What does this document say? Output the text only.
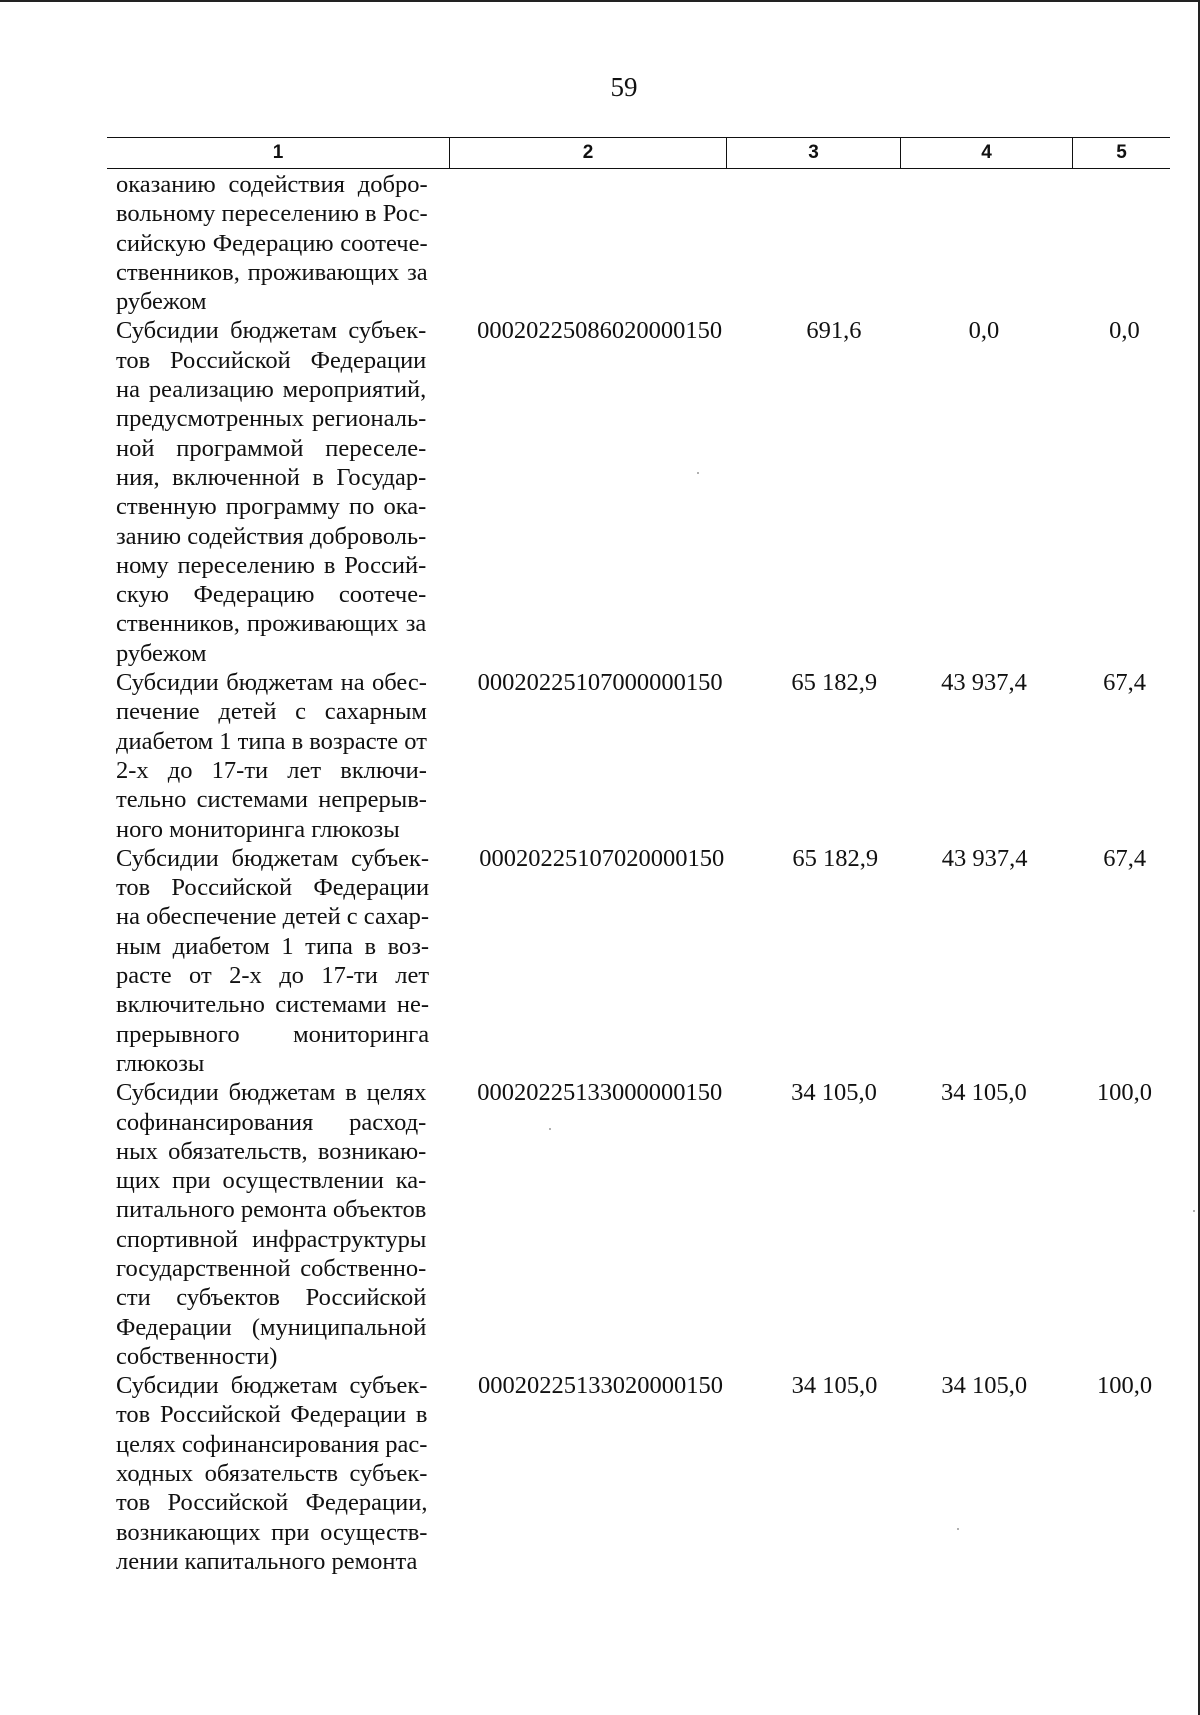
59
1	2	3	4	5
оказанию содействия добро-
вольному переселению в Рос-
сийскую Федерацию соотече-
ственников, проживающих за
рубежом
Субсидии бюджетам субъек-
тов Российской Федерации
на реализацию мероприятий,
предусмотренных региональ-
ной программой переселе-
ния, включенной в Государ-
ственную программу по ока-
занию содействия доброволь-
ному переселению в Россий-
скую Федерацию соотече-
ственников, проживающих за
рубежом
00020225086020000150	691,6	0,0	0,0
Субсидии бюджетам на обес-
печение детей с сахарным
диабетом 1 типа в возрасте от
2-х до 17-ти лет включи-
тельно системами непрерыв-
ного мониторинга глюкозы
00020225107000000150	65 182,9	43 937,4	67,4
Субсидии бюджетам субъек-
тов Российской Федерации
на обеспечение детей с сахар-
ным диабетом 1 типа в воз-
расте от 2-х до 17-ти лет
включительно системами не-
прерывного мониторинга
глюкозы
00020225107020000150	65 182,9	43 937,4	67,4
Субсидии бюджетам в целях
софинансирования расход-
ных обязательств, возникаю-
щих при осуществлении ка-
питального ремонта объектов
спортивной инфраструктуры
государственной собственно-
сти субъектов Российской
Федерации (муниципальной
собственности)
00020225133000000150	34 105,0	34 105,0	100,0
Субсидии бюджетам субъек-
тов Российской Федерации в
целях софинансирования рас-
ходных обязательств субъек-
тов Российской Федерации,
возникающих при осуществ-
лении капитального ремонта
00020225133020000150	34 105,0	34 105,0	100,0
